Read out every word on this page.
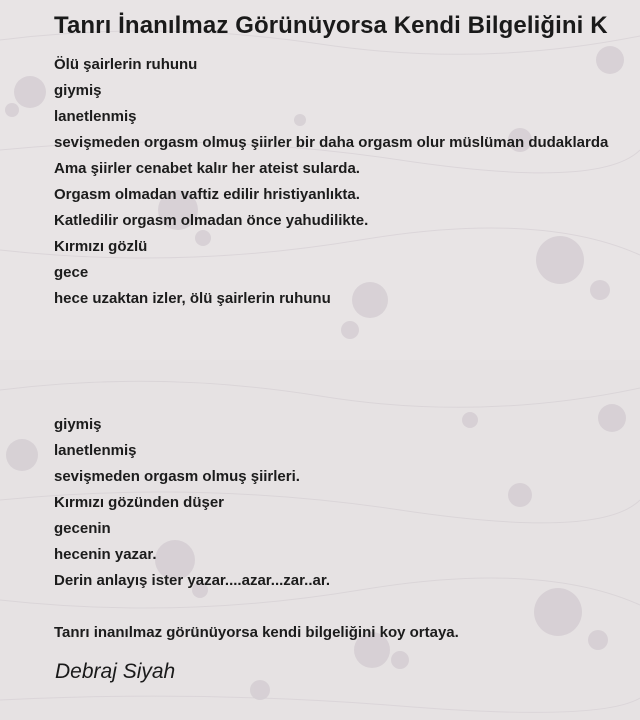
Tanrı İnanılmaz Görünüyorsa Kendi Bilgeliğini K
Ölü şairlerin ruhunu
giymiş
lanetlenmiş
sevişmeden orgasm olmuş şiirler bir daha orgasm olur müslüman dudaklarda
Ama şiirler cenabet kalır her ateist sularda.
Orgasm olmadan vaftiz edilir hristiyanlıkta.
Katledilir orgasm olmadan önce yahudilikte.
Kırmızı gözlü
gece
hece uzaktan izler, ölü şairlerin ruhunu
giymiş
lanetlenmiş
sevişmeden orgasm olmuş şiirleri.
Kırmızı gözünden düşer
gecenin
hecenin yazar.
Derin anlayış ister yazar....azar...zar..ar.
Tanrı inanılmaz görünüyorsa kendi bilgeliğini koy ortaya.
Debraj Siyah
